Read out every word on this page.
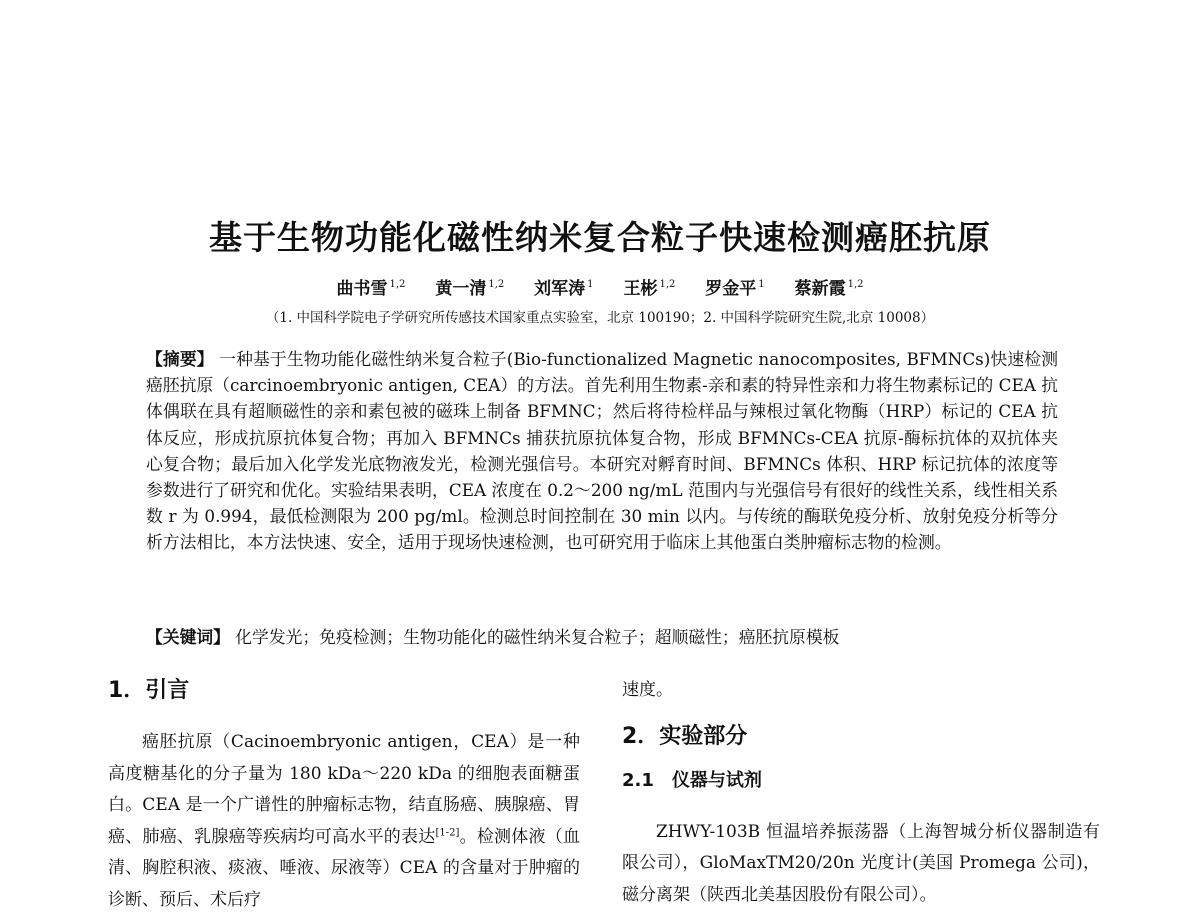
基于生物功能化磁性纳米复合粒子快速检测癌胚抗原
曲书雪 $^{1,2}$ 黄一清 $^{1,2}$ 刘军涛 $^1$ 王彬 $^{1,2}$ 罗金平 $^1$ 蔡新霞 $^{1,2}$
（1. 中国科学院电子学研究所传感技术国家重点实验室，北京 100190；2. 中国科学院研究生院,北京 10008）
【摘要】 一种基于生物功能化磁性纳米复合粒子(Bio-functionalized Magnetic nanocomposites, BFMNCs)快速检测癌胚抗原（carcinoembryonic antigen, CEA）的方法。首先利用生物素-亲和素的特异性亲和力将生物素标记的 CEA 抗体偶联在具有超顺磁性的亲和素包被的磁珠上制备 BFMNC；然后将待检样品与辣根过氧化物酶（HRP）标记的 CEA 抗体反应，形成抗原抗体复合物；再加入 BFMNCs 捕获抗原抗体复合物，形成 BFMNCs-CEA 抗原-酶标抗体的双抗体夹心复合物；最后加入化学发光底物液发光，检测光强信号。本研究对孵育时间、BFMNCs 体积、HRP 标记抗体的浓度等参数进行了研究和优化。实验结果表明，CEA 浓度在 0.2～200 ng/mL 范围内与光强信号有很好的线性关系，线性相关系数 r 为 0.994，最低检测限为 200 pg/ml。检测总时间控制在 30 min 以内。与传统的酶联免疫分析、放射免疫分析等分析方法相比，本方法快速、安全，适用于现场快速检测，也可研究用于临床上其他蛋白类肿瘤标志物的检测。
【关键词】 化学发光；免疫检测；生物功能化的磁性纳米复合粒子；超顺磁性；癌胚抗原模板
1．引言

癌胚抗原（Cacinoembryonic antigen，CEA）是一种高度糖基化的分子量为 180 kDa～220 kDa 的细胞表面糖蛋白。CEA 是一个广谱性的肿瘤标志物，结直肠癌、胰腺癌、胃癌、肺癌、乳腺癌等疾病均可高水平的表达[1-2]。检测体液（血清、胸腔积液、痰液、唾液、尿液等）CEA 的含量对于肿瘤的诊断、预后、术后疗

速度。

2．实验部分
2.1　仪器与试剂

ZHWY-103B 恒温培养振荡器（上海智城分析仪器制造有限公司），GloMaxTM20/20n 光度计(美国 Promega 公司)，磁分离架（陕西北美基因股份有限公司）。
